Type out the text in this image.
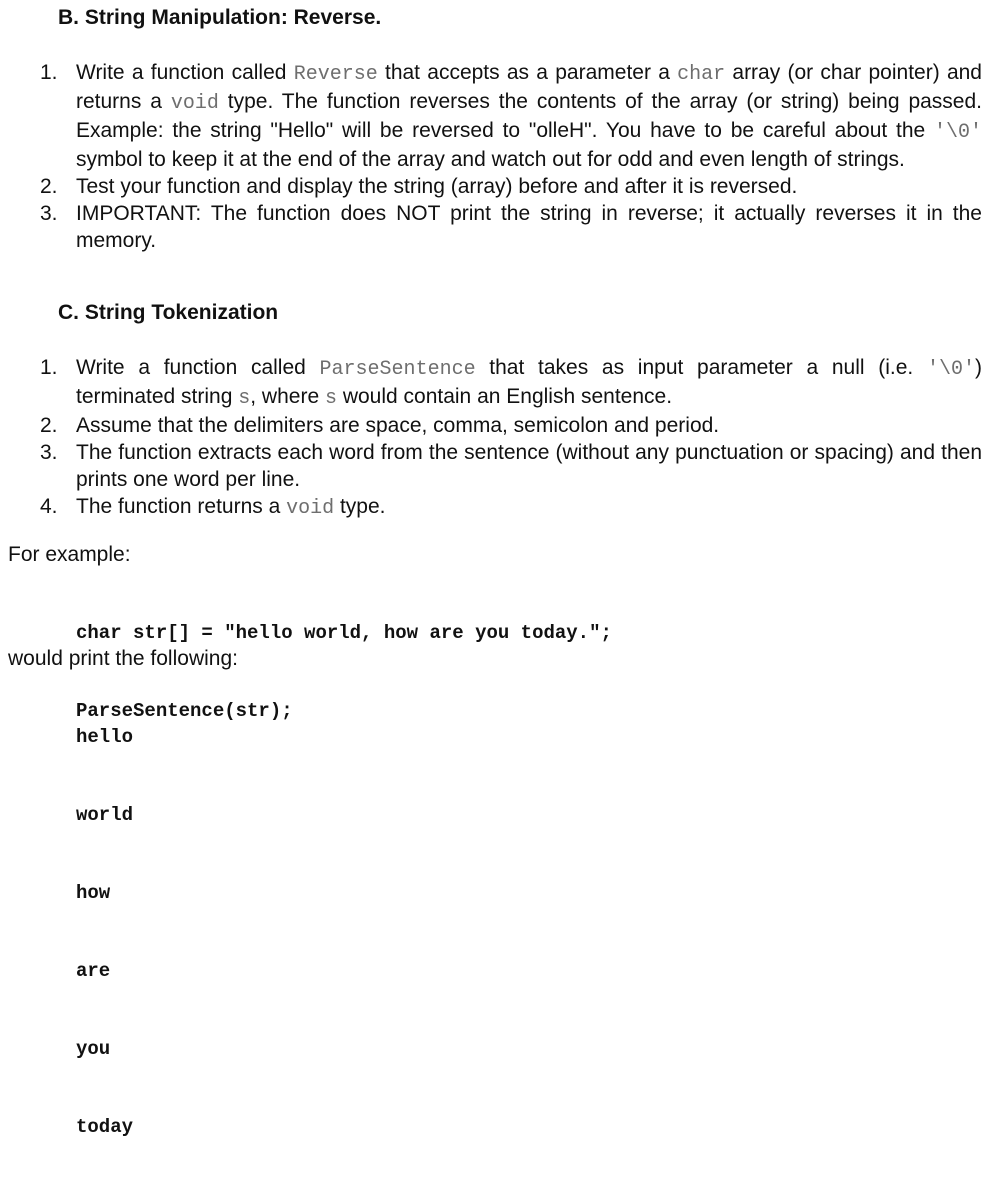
B. String Manipulation: Reverse.
1. Write a function called Reverse that accepts as a parameter a char array (or char pointer) and returns a void type. The function reverses the contents of the array (or string) being passed. Example: the string "Hello" will be reversed to "olleH". You have to be careful about the '\0' symbol to keep it at the end of the array and watch out for odd and even length of strings.
2. Test your function and display the string (array) before and after it is reversed.
3. IMPORTANT: The function does NOT print the string in reverse; it actually reverses it in the memory.
C. String Tokenization
1. Write a function called ParseSentence that takes as input parameter a null (i.e. '\0') terminated string s, where s would contain an English sentence.
2. Assume that the delimiters are space, comma, semicolon and period.
3. The function extracts each word from the sentence (without any punctuation or spacing) and then prints one word per line.
4. The function returns a void type.

For example:

char str[] = "hello world, how are you today.";

ParseSentence(str);

would print the following:

hello

world

how

are

you

today
